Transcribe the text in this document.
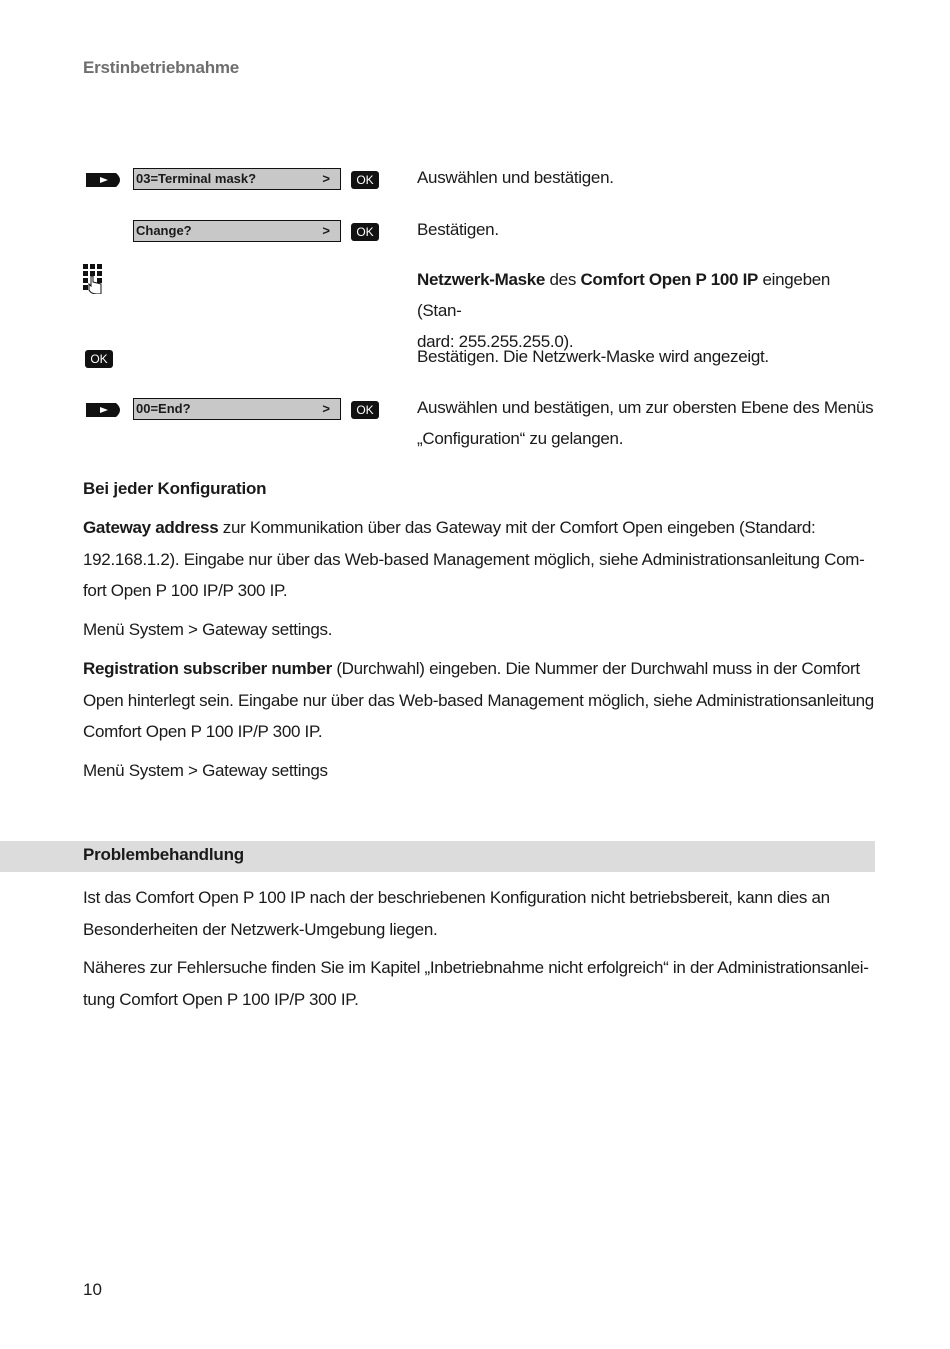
Erstinbetriebnahme
03=Terminal mask?	>	OK	Auswählen und bestätigen.
Change?	>	OK	Bestätigen.
Netzwerk-Maske des Comfort Open P 100 IP eingeben (Stan-
dard: 255.255.255.0).
OK	Bestätigen. Die Netzwerk-Maske wird angezeigt.
00=End?	>	OK	Auswählen und bestätigen, um zur obersten Ebene des Menüs
„Configuration“ zu gelangen.
Bei jeder Konfiguration

Gateway address zur Kommunikation über das Gateway mit der Comfort Open eingeben (Standard:

192.168.1.2). Eingabe nur über das Web-based Management möglich, siehe Administrationsanleitung Com-

fort Open P 100 IP/P 300 IP.

Menü System > Gateway settings.

Registration subscriber number (Durchwahl) eingeben. Die Nummer der Durchwahl muss in der Comfort

Open hinterlegt sein. Eingabe nur über das Web-based Management möglich, siehe Administrationsanleitung

Comfort Open P 100 IP/P 300 IP.

Menü System > Gateway settings
Problembehandlung

Ist das Comfort Open P 100 IP nach der beschriebenen Konfiguration nicht betriebsbereit, kann dies an

Besonderheiten der Netzwerk-Umgebung liegen.

Näheres zur Fehlersuche finden Sie im Kapitel „Inbetriebnahme nicht erfolgreich“ in der Administrationsanlei-

tung Comfort Open P 100 IP/P 300 IP.

10
